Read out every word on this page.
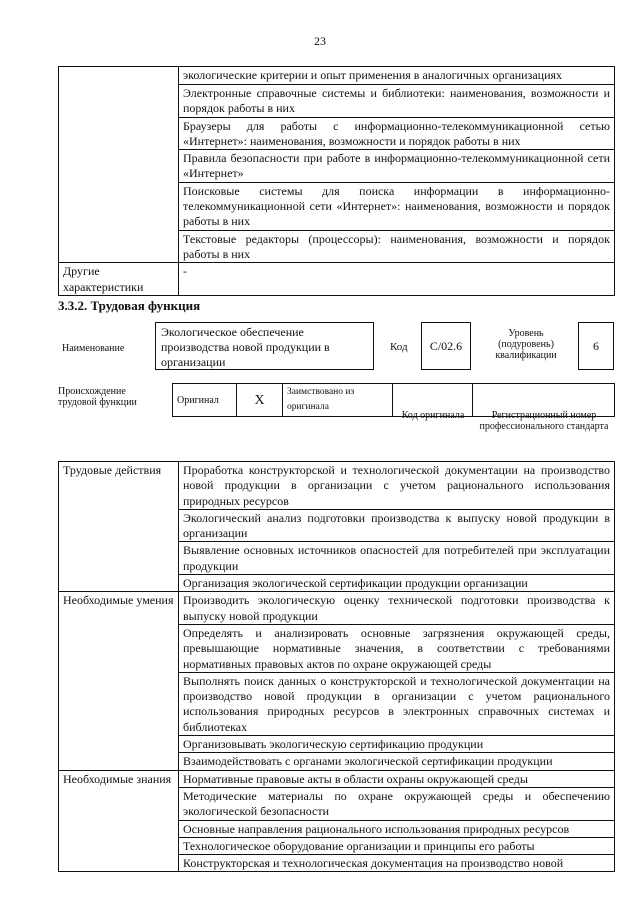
23
	экологические критерии и опыт применения в аналогичных организациях
	Электронные справочные системы и библиотеки: наименования, возможности и порядок работы в них
	Браузеры для работы с информационно-телекоммуникационной сетью «Интернет»: наименования, возможности и порядок работы в них
	Правила безопасности при работе в информационно-телекоммуникационной сети «Интернет»
	Поисковые системы для поиска информации в информационно-телекоммуникационной сети «Интернет»: наименования, возможности и порядок работы в них
	Текстовые редакторы (процессоры): наименования, возможности и порядок работы в них
Другие характеристики	-
3.3.2. Трудовая функция
Наименование
Экологическое обеспечение производства новой продукции в организации
Код	C/02.6
Уровень (подуровень) квалификации
6
Происхождение трудовой функции	Оригинал	X	Заимствовано из оригинала		
Код оригинала	Регистрационный номер профессионального стандарта
Трудовые действия	Проработка конструкторской и технологической документации на производство новой продукции в организации с учетом рационального использования природных ресурсов
	Экологический анализ подготовки производства к выпуску новой продукции в организации
	Выявление основных источников опасностей для потребителей при эксплуатации продукции
	Организация экологической сертификации продукции организации
Необходимые умения	Производить экологическую оценку технической подготовки производства к выпуску новой продукции
	Определять и анализировать основные загрязнения окружающей среды, превышающие нормативные значения, в соответствии с требованиями нормативных правовых актов по охране окружающей среды
	Выполнять поиск данных о конструкторской и технологической документации на производство новой продукции в организации с учетом рационального использования природных ресурсов в электронных справочных системах и библиотеках
	Организовывать экологическую сертификацию продукции
	Взаимодействовать с органами экологической сертификации продукции
Необходимые знания	Нормативные правовые акты в области охраны окружающей среды
	Методические материалы по охране окружающей среды и обеспечению экологической безопасности
	Основные направления рационального использования природных ресурсов
	Технологическое оборудование организации и принципы его работы
	Конструкторская и технологическая документация на производство новой
